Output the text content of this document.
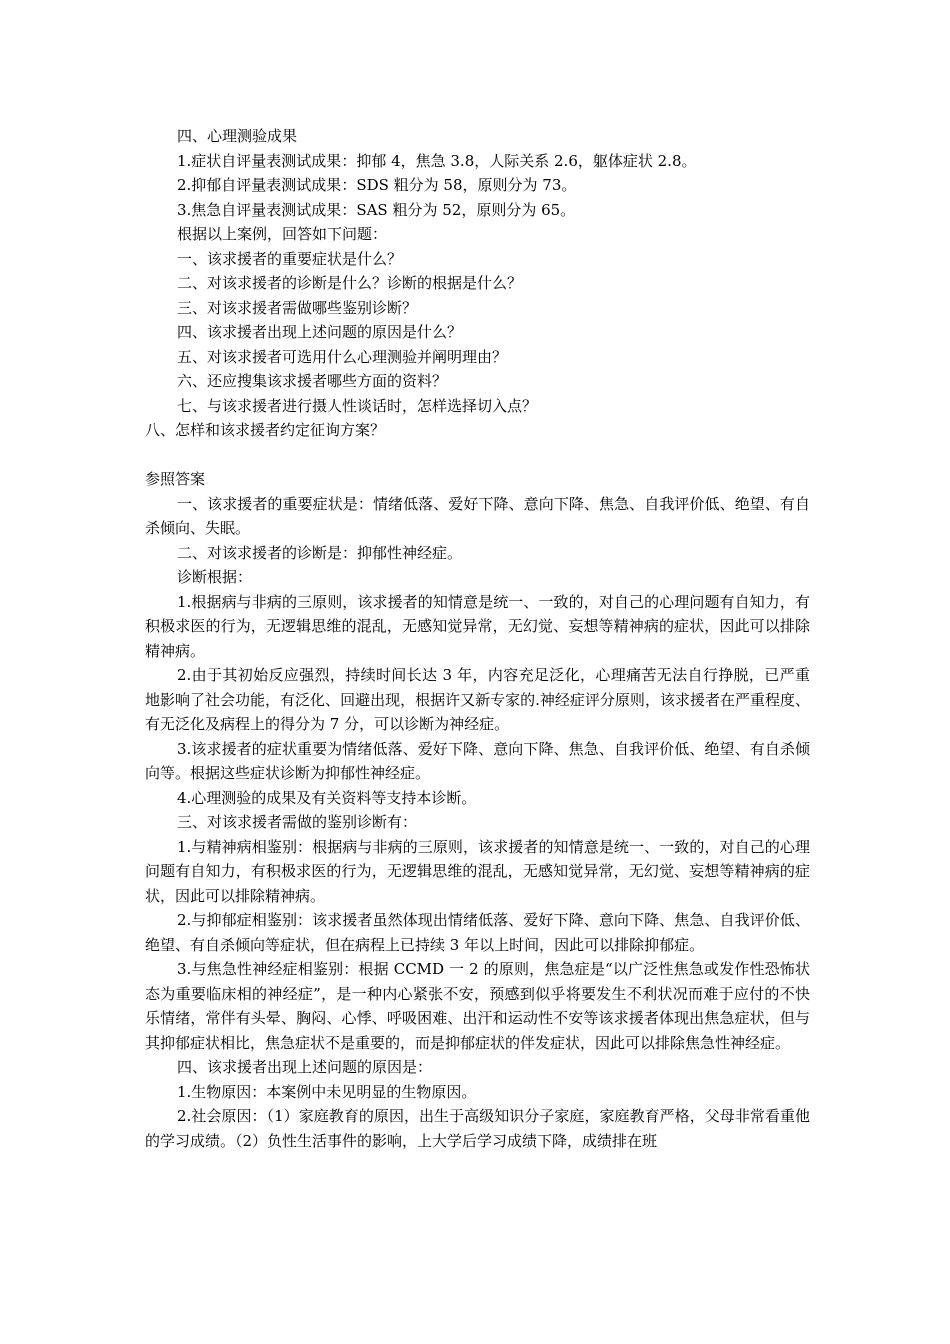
四、心理测验成果

1.症状自评量表测试成果：抑郁 4，焦急 3.8，人际关系 2.6，躯体症状 2.8。

2.抑郁自评量表测试成果：SDS 粗分为 58，原则分为 73。

3.焦急自评量表测试成果：SAS 粗分为 52，原则分为 65。

根据以上案例，回答如下问题：

一、该求援者的重要症状是什么？

二、对该求援者的诊断是什么？诊断的根据是什么？

三、对该求援者需做哪些鉴别诊断？

四、该求援者出现上述问题的原因是什么？

五、对该求援者可选用什么心理测验并阐明理由？

六、还应搜集该求援者哪些方面的资料？

七、与该求援者进行摄人性谈话时，怎样选择切入点？

八、怎样和该求援者约定征询方案？

参照答案

一、该求援者的重要症状是：情绪低落、爱好下降、意向下降、焦急、自我评价低、绝望、有自杀倾向、失眠。

二、对该求援者的诊断是：抑郁性神经症。

诊断根据：

1.根据病与非病的三原则，该求援者的知情意是统一、一致的，对自己的心理问题有自知力，有积极求医的行为，无逻辑思维的混乱，无感知觉异常，无幻觉、妄想等精神病的症状，因此可以排除精神病。

2.由于其初始反应强烈，持续时间长达 3 年，内容充足泛化，心理痛苦无法自行挣脱，已严重地影响了社会功能，有泛化、回避出现，根据许又新专家的.神经症评分原则，该求援者在严重程度、有无泛化及病程上的得分为 7 分，可以诊断为神经症。

3.该求援者的症状重要为情绪低落、爱好下降、意向下降、焦急、自我评价低、绝望、有自杀倾向等。根据这些症状诊断为抑郁性神经症。

4.心理测验的成果及有关资料等支持本诊断。

三、对该求援者需做的鉴别诊断有：

1.与精神病相鉴别：根据病与非病的三原则，该求援者的知情意是统一、一致的，对自己的心理问题有自知力，有积极求医的行为，无逻辑思维的混乱，无感知觉异常，无幻觉、妄想等精神病的症状，因此可以排除精神病。

2.与抑郁症相鉴别：该求援者虽然体现出情绪低落、爱好下降、意向下降、焦急、自我评价低、绝望、有自杀倾向等症状，但在病程上已持续 3 年以上时间，因此可以排除抑郁症。

3.与焦急性神经症相鉴别：根据 CCMD 一 2 的原则，焦急症是“以广泛性焦急或发作性恐怖状态为重要临床相的神经症”，是一种内心紧张不安，预感到似乎将要发生不利状况而难于应付的不快乐情绪，常伴有头晕、胸闷、心悸、呼吸困难、出汗和运动性不安等该求援者体现出焦急症状，但与其抑郁症状相比，焦急症状不是重要的，而是抑郁症状的伴发症状，因此可以排除焦急性神经症。

四、该求援者出现上述问题的原因是：

1.生物原因：本案例中未见明显的生物原因。

2.社会原因：（1）家庭教育的原因，出生于高级知识分子家庭，家庭教育严格，父母非常看重他的学习成绩。（2）负性生活事件的影响，上大学后学习成绩下降，成绩排在班
